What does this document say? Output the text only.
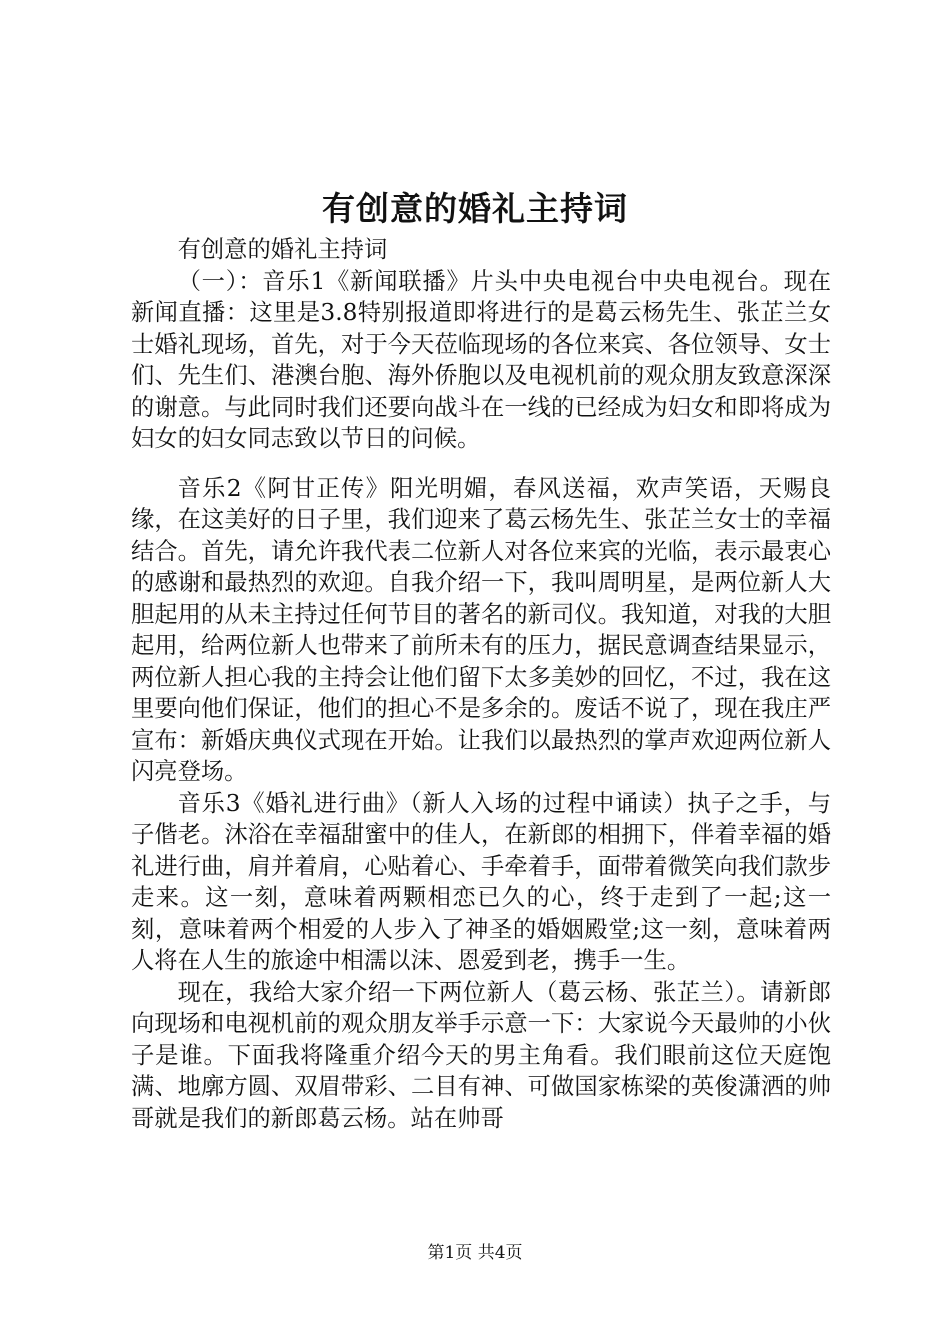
有创意的婚礼主持词

有创意的婚礼主持词

（一）：音乐1《新闻联播》片头中央电视台中央电视台。现在新闻直播：这里是3.8特别报道即将进行的是葛云杨先生、张芷兰女士婚礼现场，首先，对于今天莅临现场的各位来宾、各位领导、女士们、先生们、港澳台胞、海外侨胞以及电视机前的观众朋友致意深深的谢意。与此同时我们还要向战斗在一线的已经成为妇女和即将成为妇女的妇女同志致以节日的问候。

音乐2《阿甘正传》阳光明媚，春风送福，欢声笑语，天赐良缘，在这美好的日子里，我们迎来了葛云杨先生、张芷兰女士的幸福结合。首先，请允许我代表二位新人对各位来宾的光临，表示最衷心的感谢和最热烈的欢迎。自我介绍一下，我叫周明星，是两位新人大胆起用的从未主持过任何节目的著名的新司仪。我知道，对我的大胆起用，给两位新人也带来了前所未有的压力，据民意调查结果显示，两位新人担心我的主持会让他们留下太多美妙的回忆，不过，我在这里要向他们保证，他们的担心不是多余的。废话不说了，现在我庄严宣布：新婚庆典仪式现在开始。让我们以最热烈的掌声欢迎两位新人闪亮登场。

音乐3《婚礼进行曲》（新人入场的过程中诵读）执子之手，与子偕老。沐浴在幸福甜蜜中的佳人，在新郎的相拥下，伴着幸福的婚礼进行曲，肩并着肩，心贴着心、手牵着手，面带着微笑向我们款步走来。这一刻，意味着两颗相恋已久的心，终于走到了一起;这一刻，意味着两个相爱的人步入了神圣的婚姻殿堂;这一刻，意味着两人将在人生的旅途中相濡以沫、恩爱到老，携手一生。

现在，我给大家介绍一下两位新人（葛云杨、张芷兰）。请新郎向现场和电视机前的观众朋友举手示意一下：大家说今天最帅的小伙子是谁。下面我将隆重介绍今天的男主角看。我们眼前这位天庭饱满、地廓方圆、双眉带彩、二目有神、可做国家栋梁的英俊潇洒的帅哥就是我们的新郎葛云杨。站在帅哥

第1页 共4页
